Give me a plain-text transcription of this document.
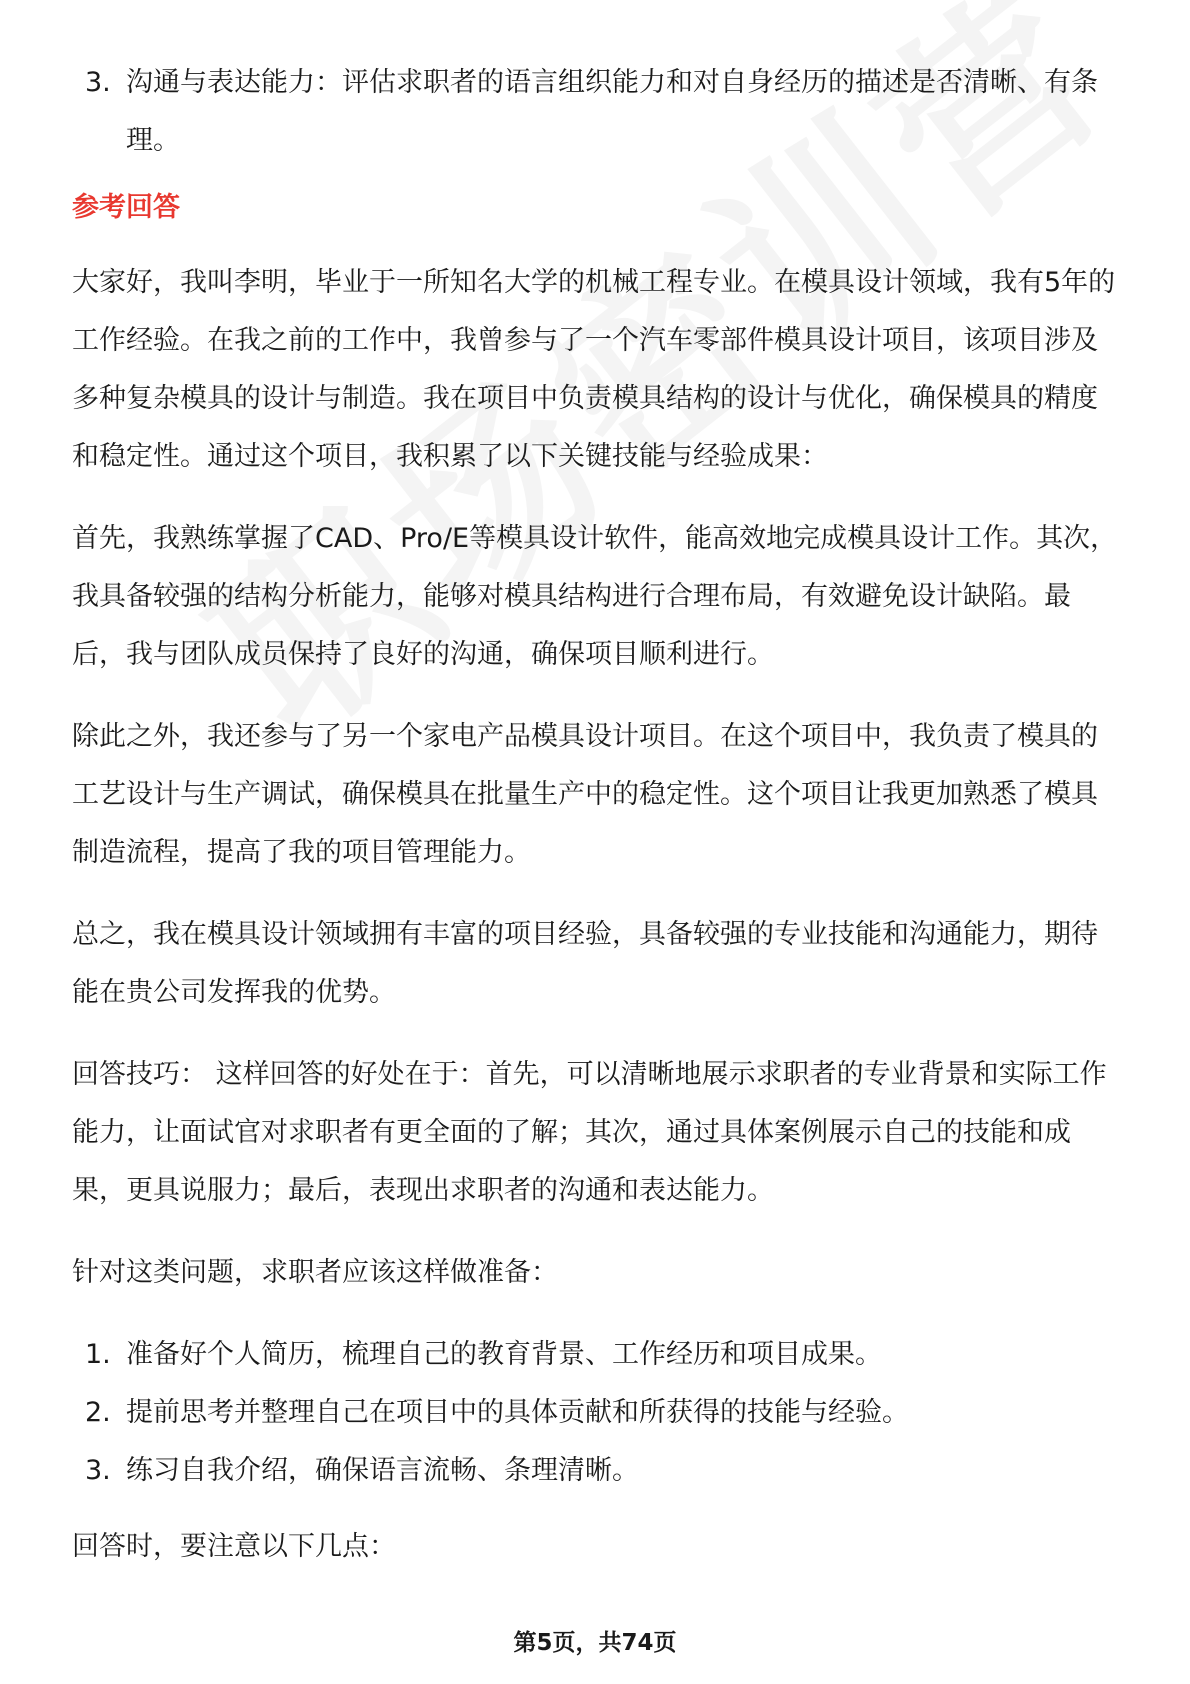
3. 沟通与表达能力：评估求职者的语言组织能力和对自身经历的描述是否清晰、有条理。
参考回答

大家好，我叫李明，毕业于一所知名大学的机械工程专业。在模具设计领域，我有5年的工作经验。在我之前的工作中，我曾参与了一个汽车零部件模具设计项目，该项目涉及多种复杂模具的设计与制造。我在项目中负责模具结构的设计与优化，确保模具的精度和稳定性。通过这个项目，我积累了以下关键技能与经验成果：

首先，我熟练掌握了CAD、Pro/E等模具设计软件，能高效地完成模具设计工作。其次，我具备较强的结构分析能力，能够对模具结构进行合理布局，有效避免设计缺陷。最后，我与团队成员保持了良好的沟通，确保项目顺利进行。

除此之外，我还参与了另一个家电产品模具设计项目。在这个项目中，我负责了模具的工艺设计与生产调试，确保模具在批量生产中的稳定性。这个项目让我更加熟悉了模具制造流程，提高了我的项目管理能力。

总之，我在模具设计领域拥有丰富的项目经验，具备较强的专业技能和沟通能力，期待能在贵公司发挥我的优势。

回答技巧： 这样回答的好处在于：首先，可以清晰地展示求职者的专业背景和实际工作能力，让面试官对求职者有更全面的了解；其次，通过具体案例展示自己的技能和成果，更具说服力；最后，表现出求职者的沟通和表达能力。

针对这类问题，求职者应该这样做准备：

1. 准备好个人简历，梳理自己的教育背景、工作经历和项目成果。
2. 提前思考并整理自己在项目中的具体贡献和所获得的技能与经验。
3. 练习自我介绍，确保语言流畅、条理清晰。

回答时，要注意以下几点：

第5页，共74页
